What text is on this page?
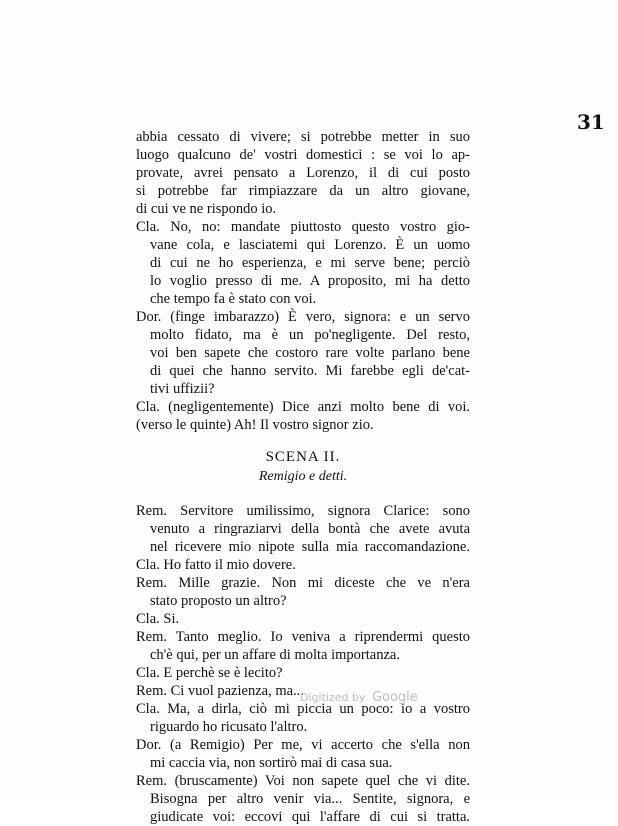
31
abbia cessato di vivere; si potrebbe metter in suo
luogo qualcuno de' vostri domestici : se voi lo ap-
provate, avrei pensato a Lorenzo, il di cui posto
si potrebbe far rimpiazzare da un altro giovane,
di cui ve ne rispondo io.
Cla. No, no: mandate piuttosto questo vostro gio-
vane cola, e lasciatemi qui Lorenzo. È un uomo
di cui ne ho esperienza, e mi serve bene; perciò
lo voglio presso di me. A proposito, mi ha detto
che tempo fa è stato con voi.
Dor. (finge imbarazzo) È vero, signora: e un servo
molto fidato, ma è un po'negligente. Del resto,
voi ben sapete che costoro rare volte parlano bene
di quei che hanno servito. Mi farebbe egli de'cat-
tivi uffizii?
Cla. (negligentemente) Dice anzi molto bene di voi.
(verso le quinte) Ah! Il vostro signor zio.
SCENA II.
Remigio e detti.
Rem. Servitore umilissimo, signora Clarice: sono
venuto a ringraziarvi della bontà che avete avuta
nel ricevere mio nipote sulla mia raccomandazione.
Cla. Ho fatto il mio dovere.
Rem. Mille grazie. Non mi diceste che ve n'era
stato proposto un altro?
Cla. Si.
Rem. Tanto meglio. Io veniva a riprendermi questo
ch'è qui, per un affare di molta importanza.
Cla. E perchè se è lecito?
Rem. Ci vuol pazienza, ma...
Cla. Ma, a dirla, ciò mi piccia un poco: io a vostro
riguardo ho ricusato l'altro.
Dor. (a Remigio) Per me, vi accerto che s'ella non
mi caccia via, non sortirò mai di casa sua.
Rem. (bruscamente) Voi non sapete quel che vi dite.
Bisogna per altro venir via... Sentite, signora, e
giudicate voi: eccovi qui l'affare di cui si tratta.
Digitized by Google
